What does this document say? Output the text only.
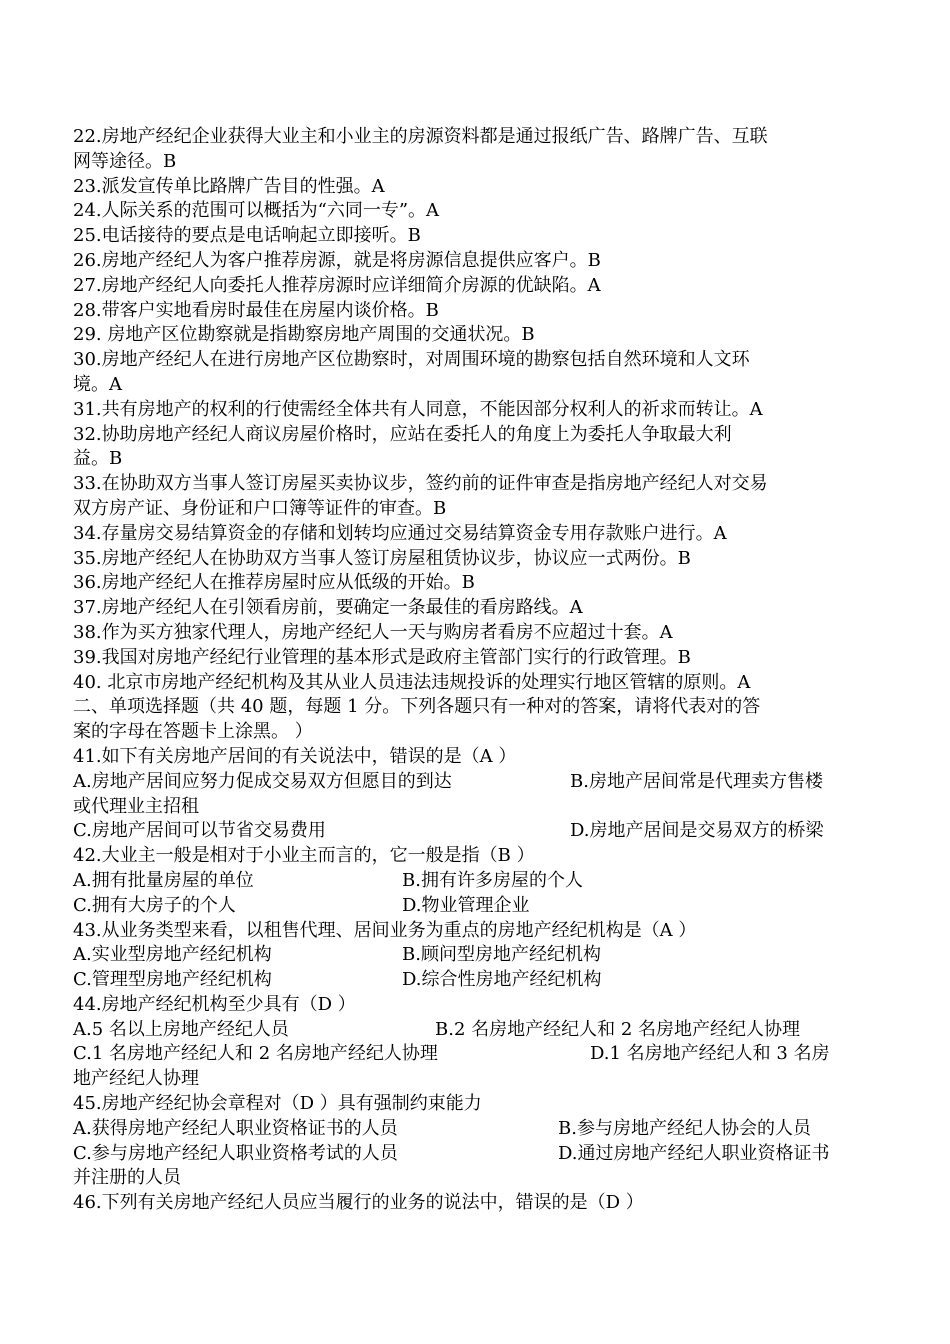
22.房地产经纪企业获得大业主和小业主的房源资料都是通过报纸广告、路牌广告、互联

网等途径。B

23.派发宣传单比路牌广告目的性强。A

24.人际关系的范围可以概括为“六同一专”。A

25.电话接待的要点是电话响起立即接听。B

26.房地产经纪人为客户推荐房源，就是将房源信息提供应客户。B

27.房地产经纪人向委托人推荐房源时应详细简介房源的优缺陷。A

28.带客户实地看房时最佳在房屋内谈价格。B

29. 房地产区位勘察就是指勘察房地产周围的交通状况。B

30.房地产经纪人在进行房地产区位勘察时，对周围环境的勘察包括自然环境和人文环

境。A

31.共有房地产的权利的行使需经全体共有人同意，不能因部分权利人的祈求而转让。A

32.协助房地产经纪人商议房屋价格时，应站在委托人的角度上为委托人争取最大利

益。B

33.在协助双方当事人签订房屋买卖协议步，签约前的证件审查是指房地产经纪人对交易

双方房产证、身份证和户口簿等证件的审查。B

34.存量房交易结算资金的存储和划转均应通过交易结算资金专用存款账户进行。A

35.房地产经纪人在协助双方当事人签订房屋租赁协议步，协议应一式两份。B

36.房地产经纪人在推荐房屋时应从低级的开始。B

37.房地产经纪人在引领看房前，要确定一条最佳的看房路线。A

38.作为买方独家代理人，房地产经纪人一天与购房者看房不应超过十套。A

39.我国对房地产经纪行业管理的基本形式是政府主管部门实行的行政管理。B

40. 北京市房地产经纪机构及其从业人员违法违规投诉的处理实行地区管辖的原则。A

二、单项选择题（共 40 题，每题 1 分。下列各题只有一种对的答案，请将代表对的答

案的字母在答题卡上涂黑。 ）

41.如下有关房地产居间的有关说法中，错误的是（A ）

A.房地产居间应努力促成交易双方但愿目的到达	B.房地产居间常是代理卖方售楼

或代理业主招租

C.房地产居间可以节省交易费用	D.房地产居间是交易双方的桥梁

42.大业主一般是相对于小业主而言的，它一般是指（B ）

A.拥有批量房屋的单位	B.拥有许多房屋的个人
C.拥有大房子的个人	D.物业管理企业

43.从业务类型来看，以租售代理、居间业务为重点的房地产经纪机构是（A ）

A.实业型房地产经纪机构	B.顾问型房地产经纪机构
C.管理型房地产经纪机构	D.综合性房地产经纪机构

44.房地产经纪机构至少具有（D ）

A.5 名以上房地产经纪人员	B.2 名房地产经纪人和 2 名房地产经纪人协理
C.1 名房地产经纪人和 2 名房地产经纪人协理	D.1 名房地产经纪人和 3 名房

地产经纪人协理

45.房地产经纪协会章程对（D ）具有强制约束能力

A.获得房地产经纪人职业资格证书的人员	B.参与房地产经纪人协会的人员
C.参与房地产经纪人职业资格考试的人员	D.通过房地产经纪人职业资格证书

并注册的人员

46.下列有关房地产经纪人员应当履行的业务的说法中，错误的是（D ）
